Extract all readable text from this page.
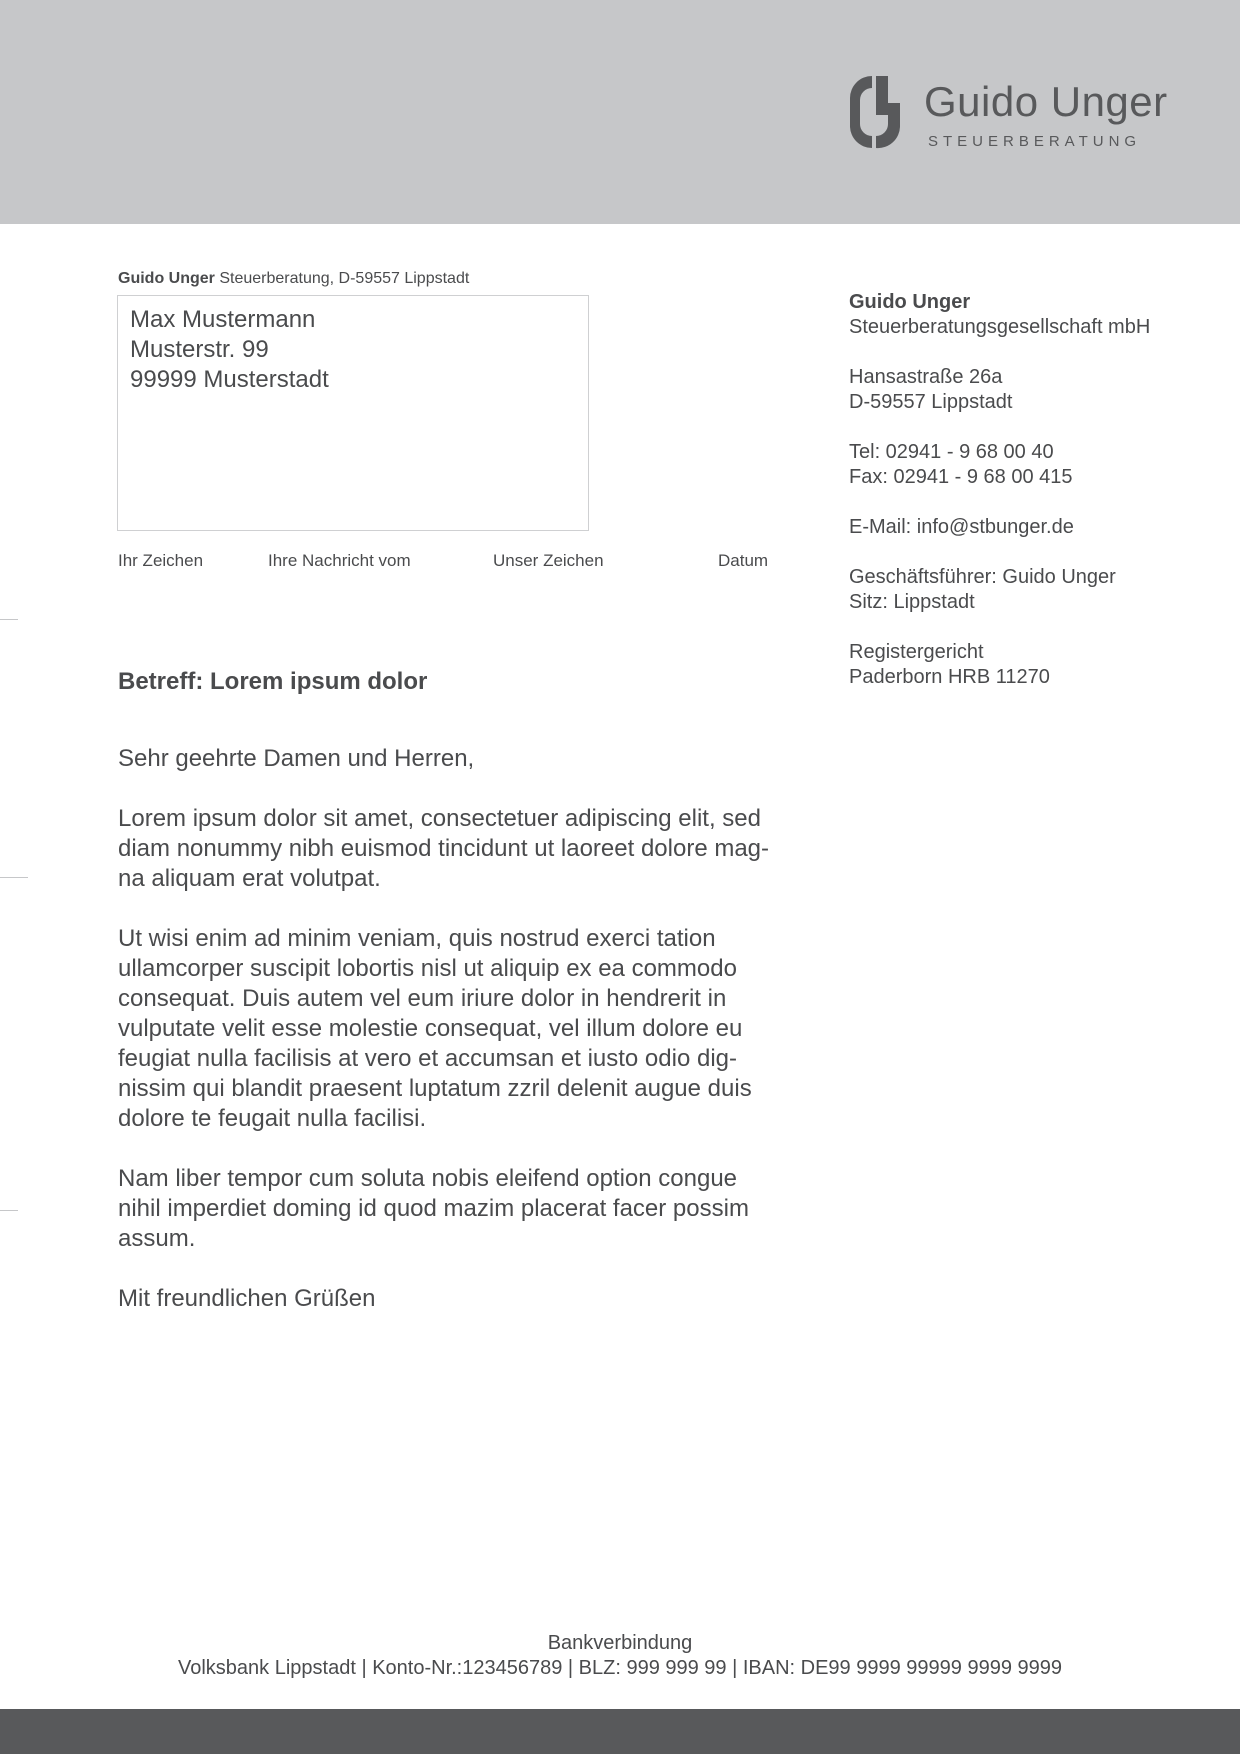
Guido Unger
STEUERBERATUNG
Guido Unger Steuerberatung, D-59557 Lippstadt
Max Mustermann
Musterstr. 99
99999 Musterstadt
Ihr Zeichen	Ihre Nachricht vom	Unser Zeichen	Datum
Guido Unger
Steuerberatungsgesellschaft mbH
Hansastraße 26a
D-59557 Lippstadt
Tel: 02941 - 9 68 00 40
Fax: 02941 - 9 68 00 415
E-Mail: info@stbunger.de
Geschäftsführer: Guido Unger
Sitz: Lippstadt
Registergericht
Paderborn HRB 11270
Betreff: Lorem ipsum dolor

Sehr geehrte Damen und Herren,

Lorem ipsum dolor sit amet, consectetuer adipiscing elit, sed
diam nonummy nibh euismod tincidunt ut laoreet dolore mag-
na aliquam erat volutpat.

Ut wisi enim ad minim veniam, quis nostrud exerci tation
ullamcorper suscipit lobortis nisl ut aliquip ex ea commodo
consequat. Duis autem vel eum iriure dolor in hendrerit in
vulputate velit esse molestie consequat, vel illum dolore eu
feugiat nulla facilisis at vero et accumsan et iusto odio dig-
nissim qui blandit praesent luptatum zzril delenit augue duis
dolore te feugait nulla facilisi.

Nam liber tempor cum soluta nobis eleifend option congue
nihil imperdiet doming id quod mazim placerat facer possim
assum.

Mit freundlichen Grüßen

Bankverbindung
Volksbank Lippstadt | Konto-Nr.:123456789 | BLZ: 999 999 99 | IBAN: DE99 9999 99999 9999 9999
